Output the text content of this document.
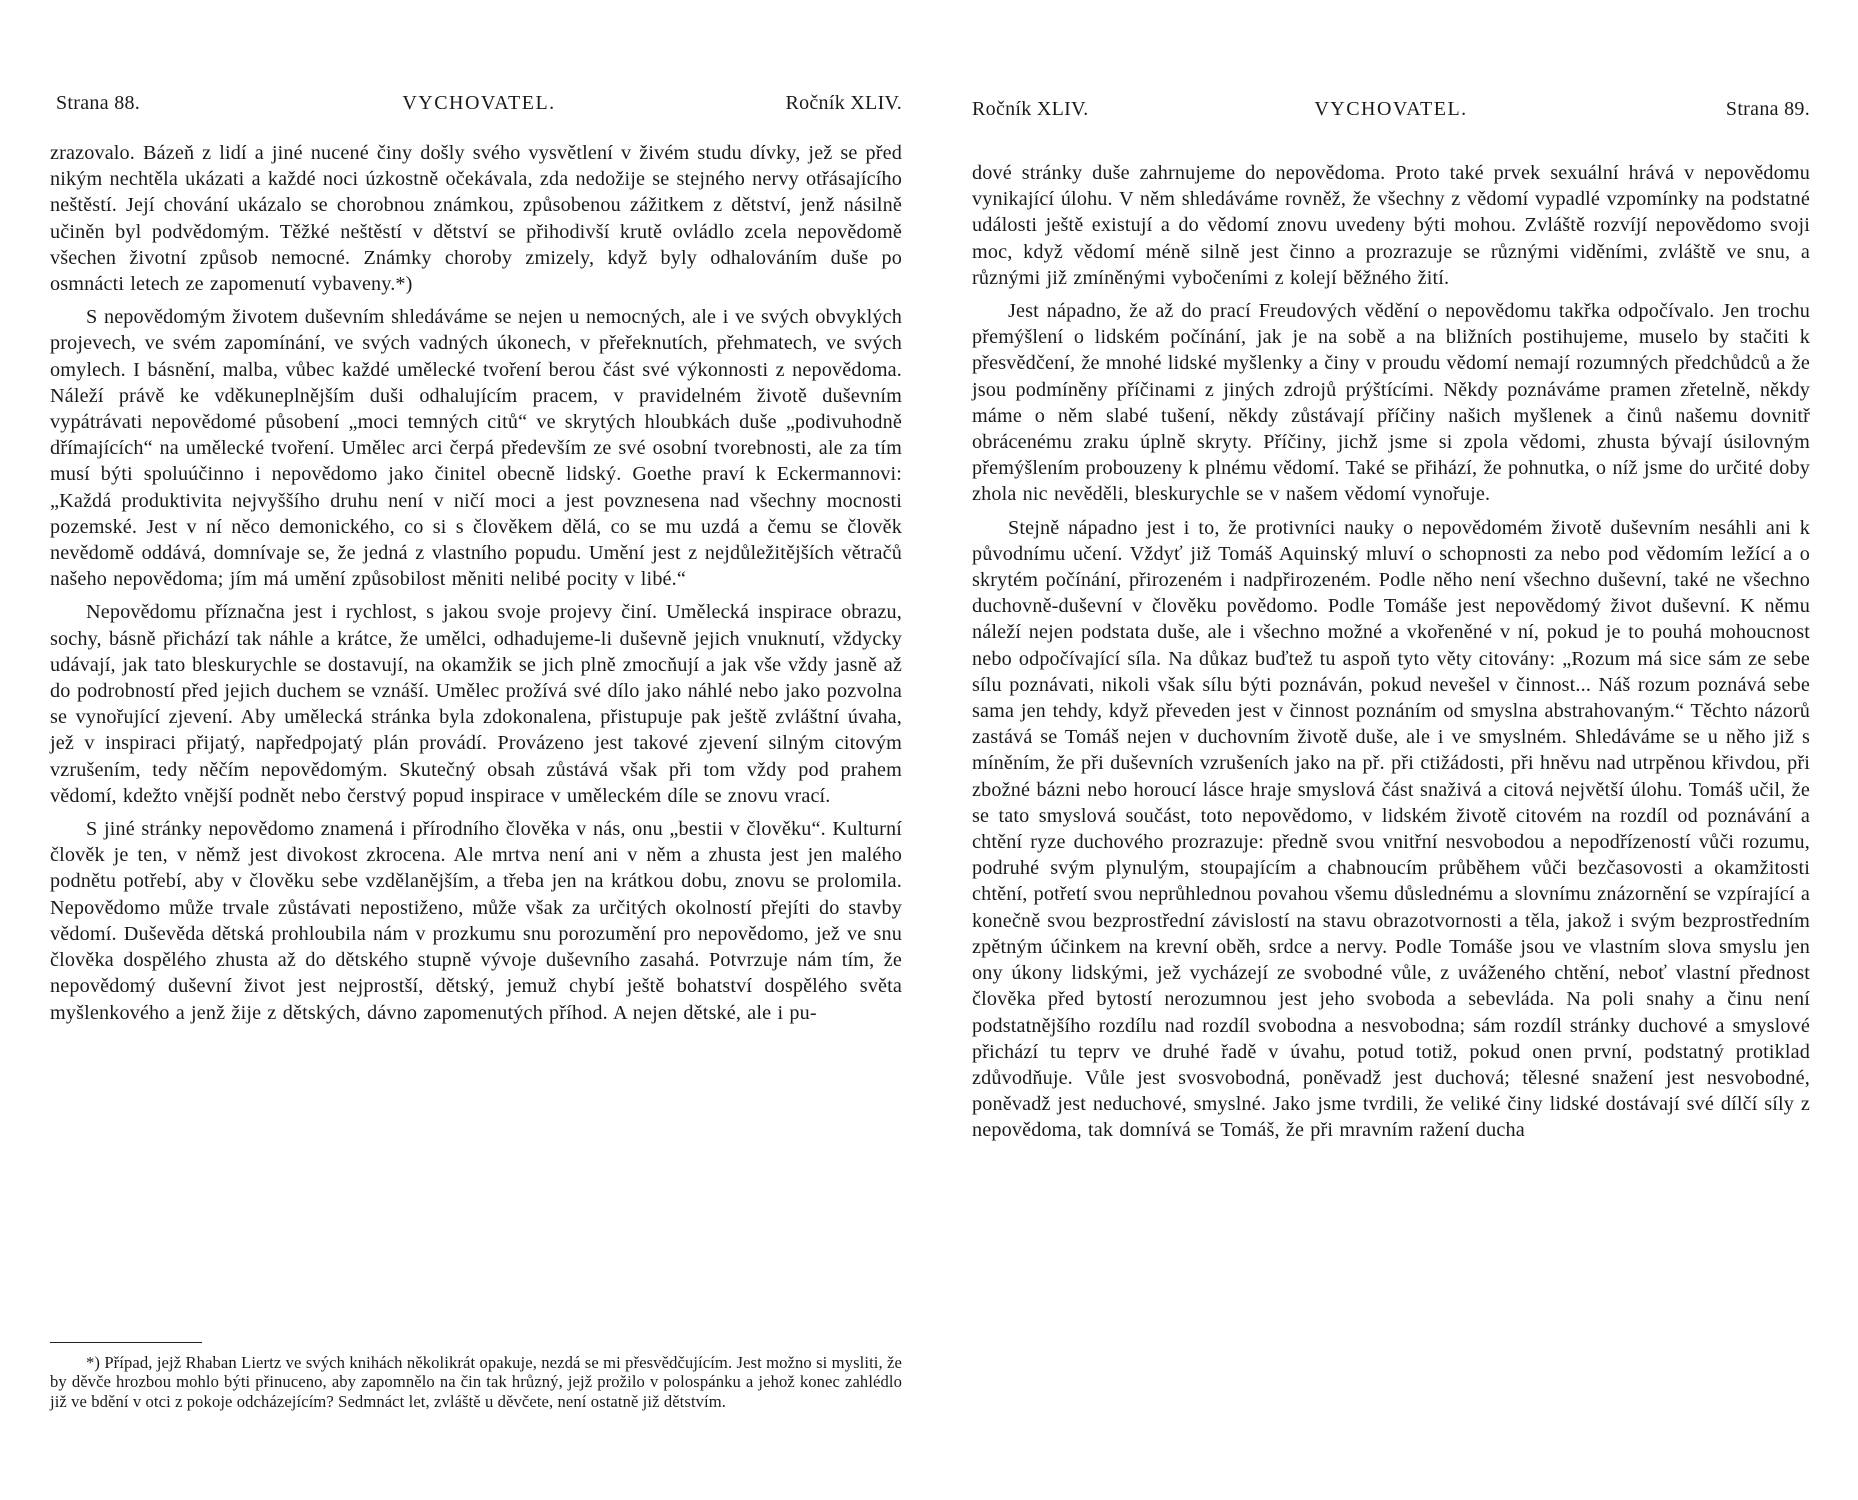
Strana 88.	VYCHOVATEL.	Ročník XLIV.

zrazovalo. Bázeň z lidí a jiné nucené činy došly svého vysvětlení v živém studu dívky, jež se před nikým nechtěla ukázati a každé noci úzkostně očekávala, zda nedožije se stejného nervy otřásajícího neštěstí. Její chování ukázalo se chorobnou známkou, způsobenou zážitkem z dětství, jenž násilně učiněn byl podvědomým. Těžké neštěstí v dětství se přihodivší krutě ovládlo zcela nepovědomě všechen životní způsob nemocné. Známky choroby zmizely, když byly odhalováním duše po osmnácti letech ze zapomenutí vybaveny.*)

S nepovědomým životem duševním shledáváme se nejen u nemocných, ale i ve svých obvyklých projevech, ve svém zapomínání, ve svých vadných úkonech, v přeřeknutích, přehmatech, ve svých omylech. I básnění, malba, vůbec každé umělecké tvoření berou část své výkonnosti z nepovědoma. Náleží právě ke vděkuneplnějším duši odhalujícím pracem, v pravidelném životě duševním vypátrávati nepovědomé působení „moci temných citů“ ve skrytých hloubkách duše „podivuhodně dřímajících“ na umělecké tvoření. Umělec arci čerpá především ze své osobní tvorebnosti, ale za tím musí býti spoluúčinno i nepovědomo jako činitel obecně lidský. Goethe praví k Eckermannovi: „Každá produktivita nejvyššího druhu není v ničí moci a jest povznesena nad všechny mocnosti pozemské. Jest v ní něco demonického, co si s člověkem dělá, co se mu uzdá a čemu se člověk nevědomě oddává, domnívaje se, že jedná z vlastního popudu. Umění jest z nejdůležitějších větračů našeho nepovědoma; jím má umění způsobilost měniti nelibé pocity v libé.“

Nepovědomu příznačna jest i rychlost, s jakou svoje projevy činí. Umělecká inspirace obrazu, sochy, básně přichází tak náhle a krátce, že umělci, odhadujeme-li duševně jejich vnuknutí, vždycky udávají, jak tato bleskurychle se dostavují, na okamžik se jich plně zmocňují a jak vše vždy jasně až do podrobností před jejich duchem se vznáší. Umělec prožívá své dílo jako náhlé nebo jako pozvolna se vynořující zjevení. Aby umělecká stránka byla zdokonalena, přistupuje pak ještě zvláštní úvaha, jež v inspiraci přijatý, napředpojatý plán provádí. Provázeno jest takové zjevení silným citovým vzrušením, tedy něčím nepovědomým. Skutečný obsah zůstává však při tom vždy pod prahem vědomí, kdežto vnější podnět nebo čerstvý popud inspirace v uměleckém díle se znovu vrací.

S jiné stránky nepovědomo znamená i přírodního člověka v nás, onu „bestii v člověku“. Kulturní člověk je ten, v němž jest divokost zkrocena. Ale mrtva není ani v něm a zhusta jest jen malého podnětu potřebí, aby v člověku sebe vzdělanějším, a třeba jen na krátkou dobu, znovu se prolomila. Nepovědomo může trvale zůstávati nepostiženo, může však za určitých okolností přejíti do stavby vědomí. Duševěda dětská prohloubila nám v prozkumu snu porozumění pro nepovědomo, jež ve snu člověka dospělého zhusta až do dětského stupně vývoje duševního zasahá. Potvrzuje nám tím, že nepovědomý duševní život jest nejprostší, dětský, jemuž chybí ještě bohatství dospělého světa myšlenkového a jenž žije z dětských, dávno zapomenutých příhod. A nejen dětské, ale i pu-

*) Případ, jejž Rhaban Liertz ve svých knihách několikrát opakuje, nezdá se mi přesvědčujícím. Jest možno si mysliti, že by děvče hrozbou mohlo býti přinuceno, aby zapomnělo na čin tak hrůzný, jejž prožilo v polospánku a jehož konec zahlédlo již ve bdění v otci z pokoje odcházejícím? Sedmnáct let, zvláště u děvčete, není ostatně již dětstvím.

Ročník XLIV.	VYCHOVATEL.	Strana 89.

dové stránky duše zahrnujeme do nepovědoma. Proto také prvek sexuální hrává v nepovědomu vynikající úlohu. V něm shledáváme rovněž, že všechny z vědomí vypadlé vzpomínky na podstatné události ještě existují a do vědomí znovu uvedeny býti mohou. Zvláště rozvíjí nepovědomo svoji moc, když vědomí méně silně jest činno a prozrazuje se různými viděními, zvláště ve snu, a různými již zmíněnými vybočeními z kolejí běžného žití.

Jest nápadno, že až do prací Freudových vědění o nepovědomu takřka odpočívalo. Jen trochu přemýšlení o lidském počínání, jak je na sobě a na bližních postihujeme, muselo by stačiti k přesvědčení, že mnohé lidské myšlenky a činy v proudu vědomí nemají rozumných předchůdců a že jsou podmíněny příčinami z jiných zdrojů prýštícími. Někdy poznáváme pramen zřetelně, někdy máme o něm slabé tušení, někdy zůstávají příčiny našich myšlenek a činů našemu dovnitř obrácenému zraku úplně skryty. Příčiny, jichž jsme si zpola vědomi, zhusta bývají úsilovným přemýšlením probouzeny k plnému vědomí. Také se přihází, že pohnutka, o níž jsme do určité doby zhola nic nevěděli, bleskurychle se v našem vědomí vynořuje.

Stejně nápadno jest i to, že protivníci nauky o nepovědomém životě duševním nesáhli ani k původnímu učení. Vždyť již Tomáš Aquinský mluví o schopnosti za nebo pod vědomím ležící a o skrytém počínání, přirozeném i nadpřirozeném. Podle něho není všechno duševní, také ne všechno duchovně-duševní v člověku povědomo. Podle Tomáše jest nepovědomý život duševní. K němu náleží nejen podstata duše, ale i všechno možné a vkořeněné v ní, pokud je to pouhá mohoucnost nebo odpočívající síla. Na důkaz buďtež tu aspoň tyto věty citovány: „Rozum má sice sám ze sebe sílu poznávati, nikoli však sílu býti poznáván, pokud nevešel v činnost... Náš rozum poznává sebe sama jen tehdy, když převeden jest v činnost poznáním od smyslna abstrahovaným.“ Těchto názorů zastává se Tomáš nejen v duchovním životě duše, ale i ve smyslném. Shledáváme se u něho již s míněním, že při duševních vzrušeních jako na př. při ctižádosti, při hněvu nad utrpěnou křivdou, při zbožné bázni nebo horoucí lásce hraje smyslová část snaživá a citová největší úlohu. Tomáš učil, že se tato smyslová součást, toto nepovědomo, v lidském životě citovém na rozdíl od poznávání a chtění ryze duchového prozrazuje: předně svou vnitřní nesvobodou a nepodřízeností vůči rozumu, podruhé svým plynulým, stoupajícím a chabnoucím průběhem vůči bezčasovosti a okamžitosti chtění, potřetí svou neprůhlednou povahou všemu důslednému a slovnímu znázornění se vzpírající a konečně svou bezprostřední závislostí na stavu obrazotvornosti a těla, jakož i svým bezprostředním zpětným účinkem na krevní oběh, srdce a nervy. Podle Tomáše jsou ve vlastním slova smyslu jen ony úkony lidskými, jež vycházejí ze svobodné vůle, z uváženého chtění, neboť vlastní přednost člověka před bytostí nerozumnou jest jeho svoboda a sebevláda. Na poli snahy a činu není podstatnějšího rozdílu nad rozdíl svobodna a nesvobodna; sám rozdíl stránky duchové a smyslové přichází tu teprv ve druhé řadě v úvahu, potud totiž, pokud onen první, podstatný protiklad zdůvodňuje. Vůle jest svosvobodná, poněvadž jest duchová; tělesné snažení jest nesvobodné, poněvadž jest neduchové, smyslné. Jako jsme tvrdili, že veliké činy lidské dostávají své dílčí síly z nepovědoma, tak domnívá se Tomáš, že při mravním ražení ducha
